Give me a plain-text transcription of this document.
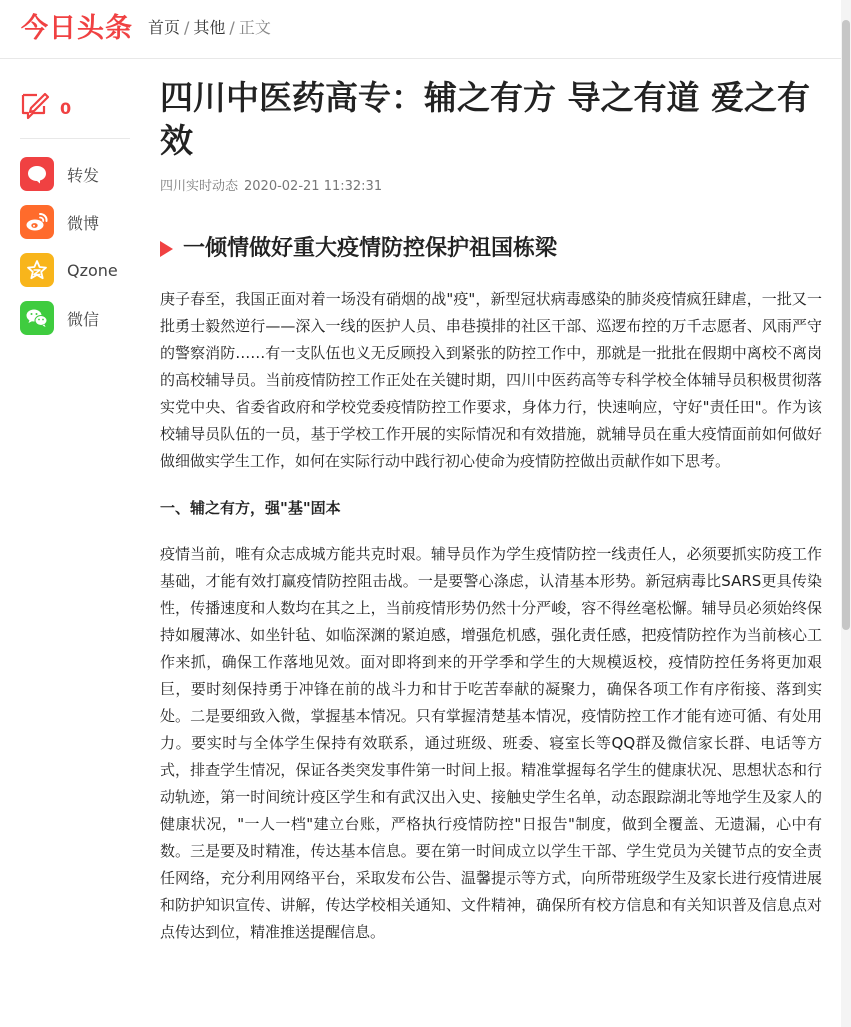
今日头条 首页 / 其他 / 正文
0
转发
微博
Qzone
微信
四川中医药高专：辅之有方 导之有道 爱之有效
四川实时动态 2020-02-21 11:32:31
一倾情做好重大疫情防控保护祖国栋梁

庚子春至，我国正面对着一场没有硝烟的战"疫"，新型冠状病毒感染的肺炎疫情疯狂肆虐，一批又一批勇士毅然逆行——深入一线的医护人员、串巷摸排的社区干部、巡逻布控的万千志愿者、风雨严守的警察消防……有一支队伍也义无反顾投入到紧张的防控工作中，那就是一批批在假期中离校不离岗的高校辅导员。当前疫情防控工作正处在关键时期，四川中医药高等专科学校全体辅导员积极贯彻落实党中央、省委省政府和学校党委疫情防控工作要求，身体力行，快速响应，守好"责任田"。作为该校辅导员队伍的一员，基于学校工作开展的实际情况和有效措施，就辅导员在重大疫情面前如何做好做细做实学生工作，如何在实际行动中践行初心使命为疫情防控做出贡献作如下思考。

一、辅之有方，强"基"固本

疫情当前，唯有众志成城方能共克时艰。辅导员作为学生疫情防控一线责任人，必须要抓实防疫工作基础，才能有效打赢疫情防控阻击战。一是要警心涤虑，认清基本形势。新冠病毒比SARS更具传染性，传播速度和人数均在其之上，当前疫情形势仍然十分严峻，容不得丝毫松懈。辅导员必须始终保持如履薄冰、如坐针毡、如临深渊的紧迫感，增强危机感，强化责任感，把疫情防控作为当前核心工作来抓，确保工作落地见效。面对即将到来的开学季和学生的大规模返校，疫情防控任务将更加艰巨，要时刻保持勇于冲锋在前的战斗力和甘于吃苦奉献的凝聚力，确保各项工作有序衔接、落到实处。二是要细致入微，掌握基本情况。只有掌握清楚基本情况，疫情防控工作才能有迹可循、有处用力。要实时与全体学生保持有效联系，通过班级、班委、寝室长等QQ群及微信家长群、电话等方式，排查学生情况，保证各类突发事件第一时间上报。精准掌握每名学生的健康状况、思想状态和行动轨迹，第一时间统计疫区学生和有武汉出入史、接触史学生名单，动态跟踪湖北等地学生及家人的健康状况，"一人一档"建立台账，严格执行疫情防控"日报告"制度，做到全覆盖、无遗漏，心中有数。三是要及时精准，传达基本信息。要在第一时间成立以学生干部、学生党员为关键节点的安全责任网络，充分利用网络平台，采取发布公告、温馨提示等方式，向所带班级学生及家长进行疫情进展和防护知识宣传、讲解，传达学校相关通知、文件精神，确保所有校方信息和有关知识普及信息点对点传达到位，精准推送提醒信息。
